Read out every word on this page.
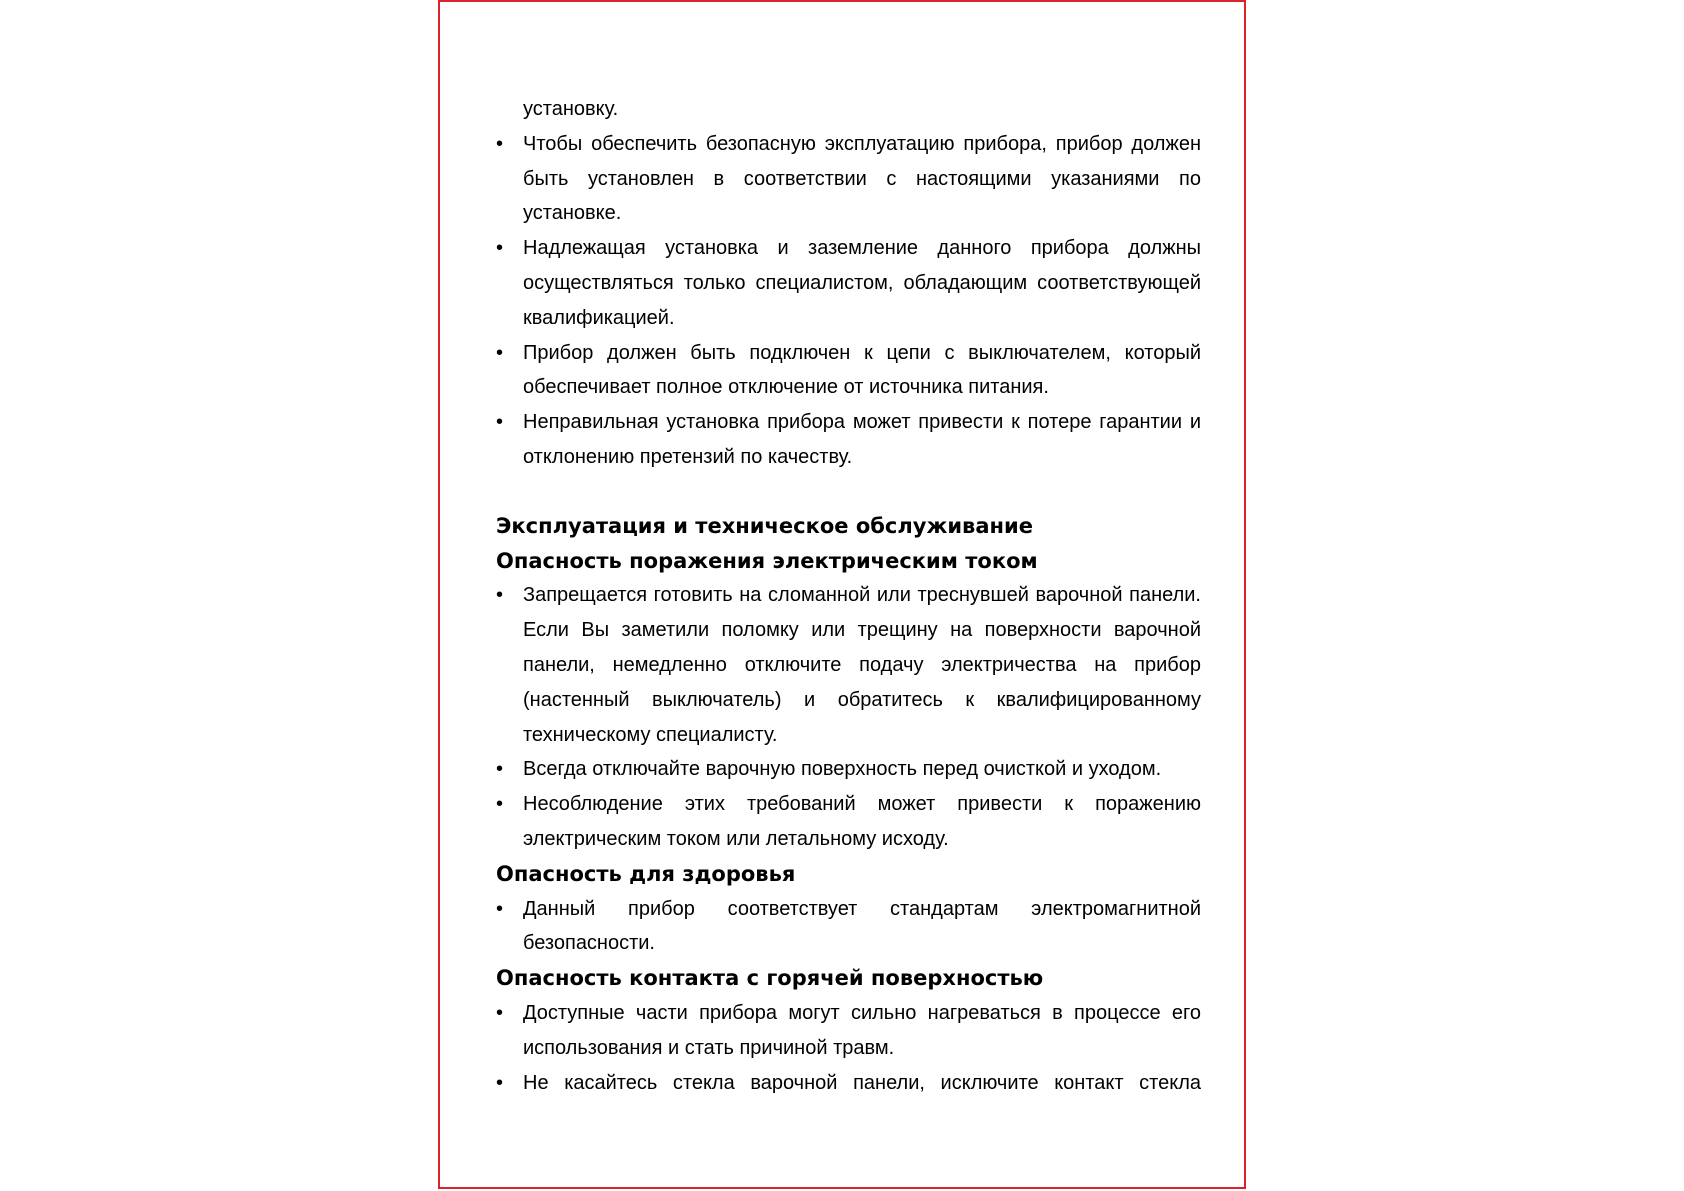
установку.
• Чтобы обеспечить безопасную эксплуатацию прибора, прибор должен быть установлен в соответствии с настоящими указаниями по установке.
• Надлежащая установка и заземление данного прибора должны осуществляться только специалистом, обладающим соответствующей квалификацией.
• Прибор должен быть подключен к цепи с выключателем, который обеспечивает полное отключение от источника питания.
• Неправильная установка прибора может привести к потере гарантии и отклонению претензий по качеству.
Эксплуатация и техническое обслуживание
Опасность поражения электрическим током
• Запрещается готовить на сломанной или треснувшей варочной панели. Если Вы заметили поломку или трещину на поверхности варочной панели, немедленно отключите подачу электричества на прибор (настенный выключатель) и обратитесь к квалифицированному техническому специалисту.
• Всегда отключайте варочную поверхность перед очисткой и уходом.
• Несоблюдение этих требований может привести к поражению электрическим током или летальному исходу.
Опасность для здоровья
• Данный прибор соответствует стандартам электромагнитной безопасности.
Опасность контакта с горячей поверхностью
• Доступные части прибора могут сильно нагреваться в процессе его использования и стать причиной травм.
• Не касайтесь стекла варочной панели, исключите контакт стекла
